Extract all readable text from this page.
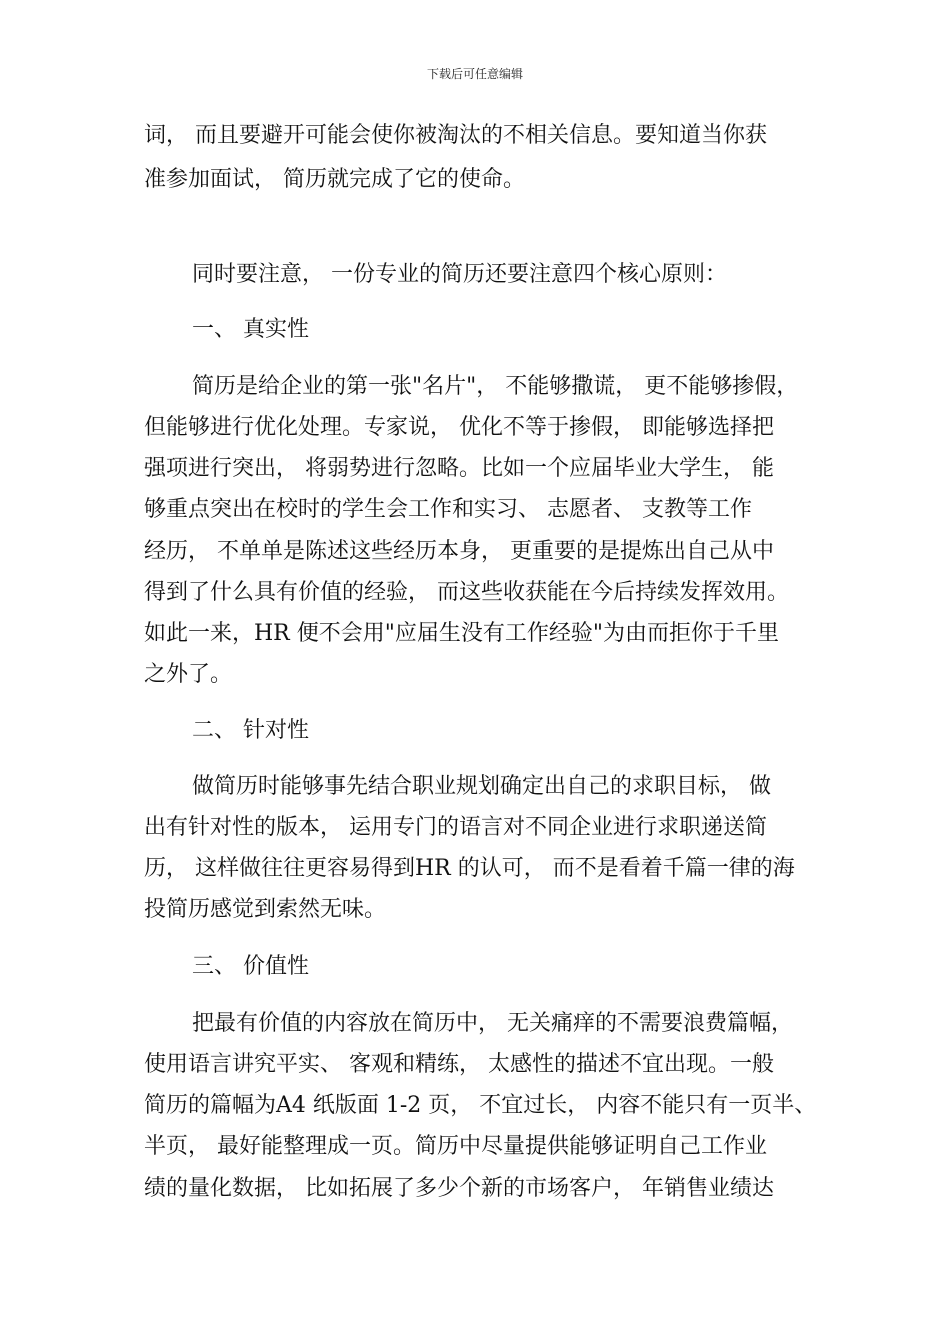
下载后可任意编辑
词， 而且要避开可能会使你被淘汰的不相关信息。要知道当你获
准参加面试， 简历就完成了它的使命。
同时要注意， 一份专业的简历还要注意四个核心原则：
一、 真实性
简历是给企业的第一张"名片"， 不能够撒谎， 更不能够掺假，
但能够进行优化处理。专家说， 优化不等于掺假， 即能够选择把
强项进行突出， 将弱势进行忽略。比如一个应届毕业大学生， 能
够重点突出在校时的学生会工作和实习、 志愿者、 支教等工作
经历， 不单单是陈述这些经历本身， 更重要的是提炼出自己从中
得到了什么具有价值的经验， 而这些收获能在今后持续发挥效用。
如此一来，HR 便不会用"应届生没有工作经验"为由而拒你于千里
之外了。
二、 针对性
做简历时能够事先结合职业规划确定出自己的求职目标， 做
出有针对性的版本， 运用专门的语言对不同企业进行求职递送简
历， 这样做往往更容易得到HR 的认可， 而不是看着千篇一律的海
投简历感觉到索然无味。
三、 价值性
把最有价值的内容放在简历中， 无关痛痒的不需要浪费篇幅，
使用语言讲究平实、 客观和精练， 太感性的描述不宜出现。一般
简历的篇幅为A4 纸版面 1-2 页， 不宜过长， 内容不能只有一页半、
半页， 最好能整理成一页。简历中尽量提供能够证明自己工作业
绩的量化数据， 比如拓展了多少个新的市场客户， 年销售业绩达
